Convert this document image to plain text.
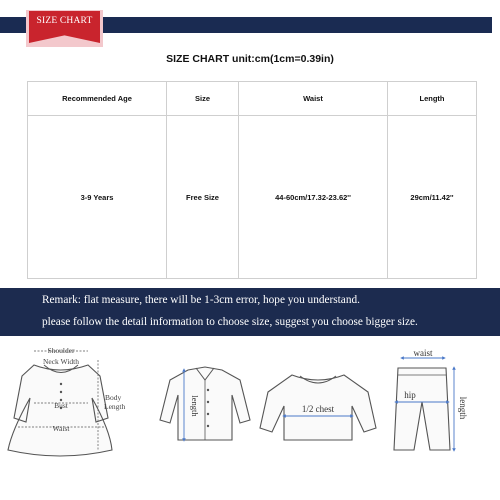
SIZE CHART
SIZE CHART unit:cm(1cm=0.39in)
Recommended Age	Size	Waist	Length
3-9 Years	Free Size	44-60cm/17.32-23.62''	29cm/11.42''
Remark: flat measure, there will be 1-3cm error, hope you understand.
please follow the detail information to choose size, suggest you choose bigger size.
Shoulder
Neck Width
Bust
Waist
Body
Length	length	1/2 chest
waist
hip
length
